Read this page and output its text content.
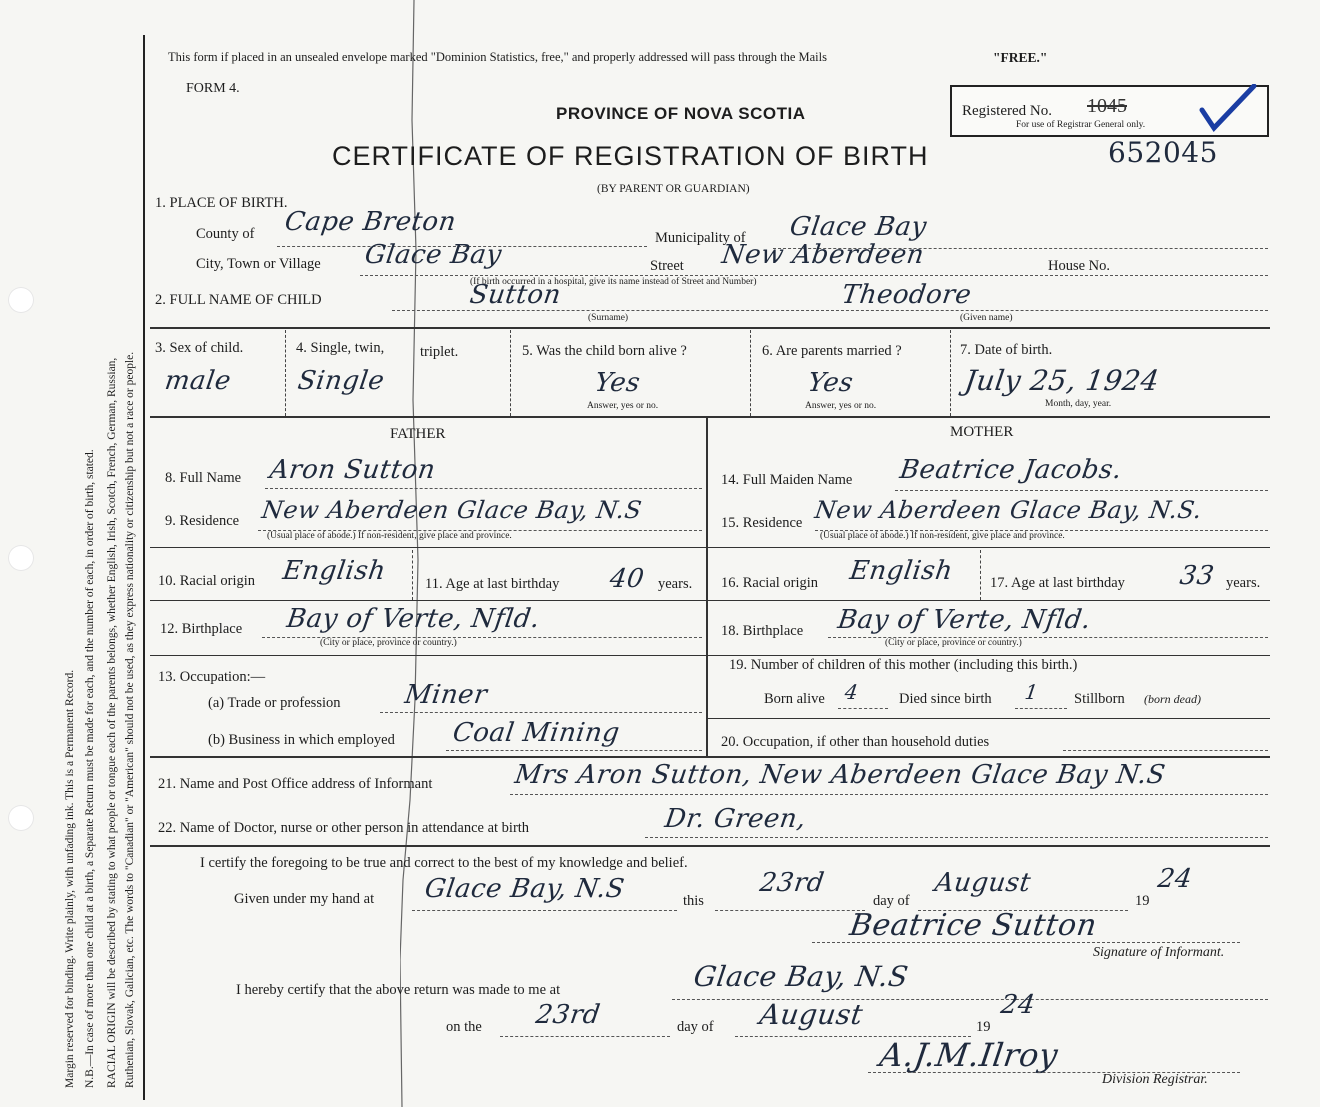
Margin reserved for binding. Write plainly, with unfading ink. This is a Permanent Record. N.B.—In case of more than one child at a birth, a Separate Return must be made for each, and the number of each, in order of birth, stated. RACIAL ORIGIN will be described by stating to what people or tongue each of the parents belongs, whether English, Irish, Scotch, French, German, Russian, Ruthenian, Slovak, Galician, etc. The words to "Canadian" or "American" should not be used, as they express nationality or citizenship but not a race or people.
This form if placed in an unsealed envelope marked "Dominion Statistics, free," and properly addressed will pass through the Mails	"FREE."
FORM 4.
PROVINCE OF NOVA SCOTIA
CERTIFICATE OF REGISTRATION OF BIRTH
(BY PARENT OR GUARDIAN)
Registered No. 1045
For use of Registrar General only.
652045
1. PLACE OF BIRTH.
County of Cape Breton
Municipality of Glace Bay
City, Town or Village Glace Bay	Street New Aberdeen	House No.
(If birth occurred in a hospital, give its name instead of Street and Number)
2. FULL NAME OF CHILD	Sutton	Theodore
(Surname)	(Given name)
3. Sex of child.
male
4. Single, twin, triplet.
Single
5. Was the child born alive ?
Yes
Answer, yes or no.
6. Are parents married ?
Yes
Answer, yes or no.
7. Date of birth.
July 25, 1924
Month, day, year.
FATHER	MOTHER
8. Full Name Aron Sutton
9. Residence New Aberdeen Glace Bay, N.S
(Usual place of abode.) If non-resident, give place and province.
10. Racial origin English	11. Age at last birthday 40 years.
12. Birthplace Bay of Verte, Nfld.
(City or place, province or country.)
13. Occupation:—
(a) Trade or profession Miner
(b) Business in which employed Coal Mining
14. Full Maiden Name Beatrice Jacobs.
15. Residence New Aberdeen Glace Bay, N.S.
(Usual place of abode.) If non-resident, give place and province.
16. Racial origin English 17. Age at last birthday 33 years.
18. Birthplace Bay of Verte, Nfld.
(City or place, province or country.)
19. Number of children of this mother (including this birth.)
Born alive 4	Died since birth 1 Stillborn (born dead)
20. Occupation, if other than household duties
21. Name and Post Office address of Informant	Mrs Aron Sutton, New Aberdeen Glace Bay N.S
22. Name of Doctor, nurse or other person in attendance at birth	Dr. Green,
I certify the foregoing to be true and correct to the best of my knowledge and belief.
Given under my hand at Glace Bay, N.S	this
23rd
day of
August
19
24
Beatrice Sutton
Signature of Informant.
I hereby certify that the above return was made to me at	Glace Bay, N.S
on the 23rd	day of August	19
24
A.J.M.Ilroy
Division Registrar.
